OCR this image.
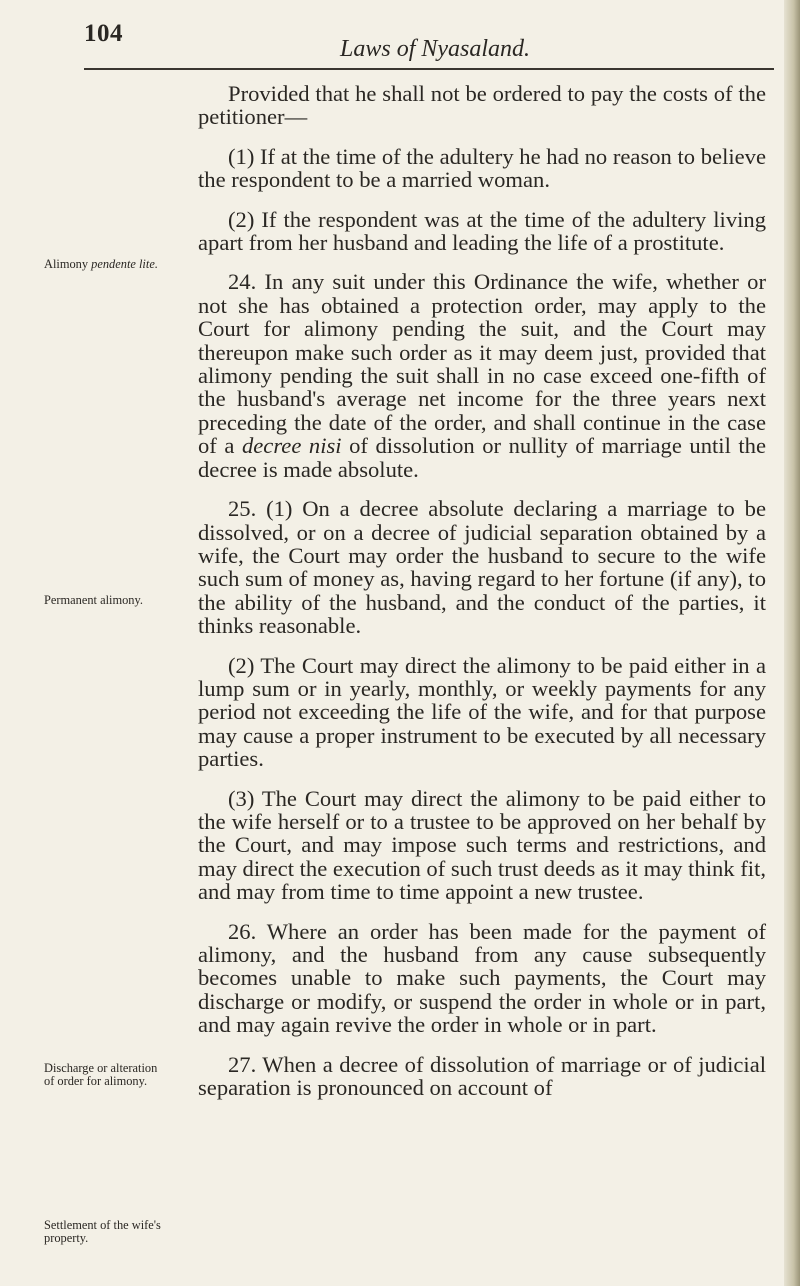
104
Laws of Nyasaland.
Alimony pendente lite.
Permanent alimony.
Discharge or alteration of order for alimony.
Settlement of the wife's property.

Provided that he shall not be ordered to pay the costs of the petitioner—

(1) If at the time of the adultery he had no reason to believe the respondent to be a married woman.

(2) If the respondent was at the time of the adultery living apart from her husband and leading the life of a prostitute.

24. In any suit under this Ordinance the wife, whether or not she has obtained a protection order, may apply to the Court for alimony pending the suit, and the Court may thereupon make such order as it may deem just, provided that alimony pending the suit shall in no case exceed one-fifth of the husband's average net income for the three years next preceding the date of the order, and shall continue in the case of a decree nisi of dissolution or nullity of marriage until the decree is made absolute.

25. (1) On a decree absolute declaring a marriage to be dissolved, or on a decree of judicial separation obtained by a wife, the Court may order the husband to secure to the wife such sum of money as, having regard to her fortune (if any), to the ability of the husband, and the conduct of the parties, it thinks reasonable.

(2) The Court may direct the alimony to be paid either in a lump sum or in yearly, monthly, or weekly payments for any period not exceeding the life of the wife, and for that purpose may cause a proper instrument to be executed by all necessary parties.

(3) The Court may direct the alimony to be paid either to the wife herself or to a trustee to be approved on her behalf by the Court, and may impose such terms and restrictions, and may direct the execution of such trust deeds as it may think fit, and may from time to time appoint a new trustee.

26. Where an order has been made for the payment of alimony, and the husband from any cause subsequently becomes unable to make such payments, the Court may discharge or modify, or suspend the order in whole or in part, and may again revive the order in whole or in part.

27. When a decree of dissolution of marriage or of judicial separation is pronounced on account of
